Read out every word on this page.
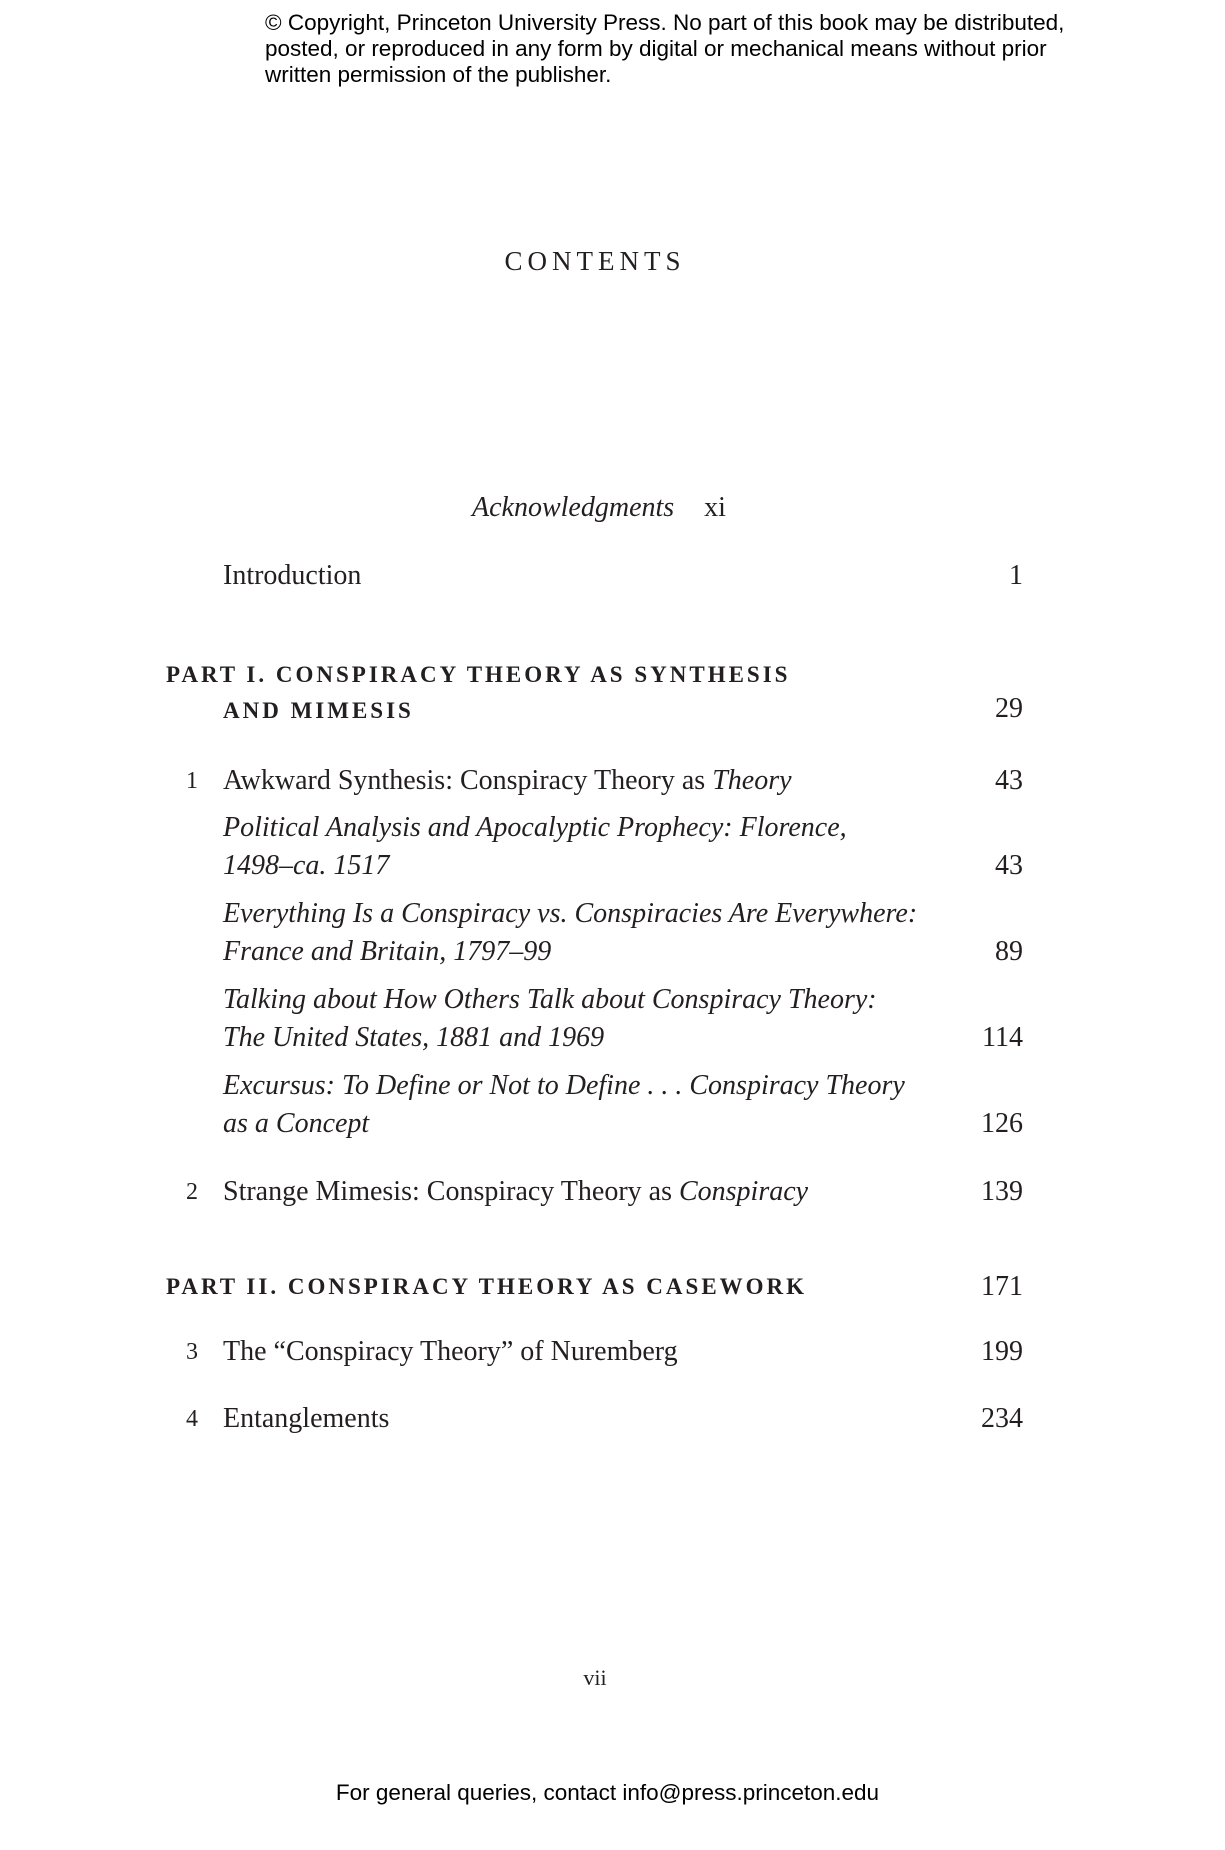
© Copyright, Princeton University Press. No part of this book may be distributed, posted, or reproduced in any form by digital or mechanical means without prior written permission of the publisher.
CONTENTS
Acknowledgments xi
Introduction	1
PART I. CONSPIRACY THEORY AS SYNTHESIS
AND MIMESIS	29
1 Awkward Synthesis: Conspiracy Theory as Theory	43
Political Analysis and Apocalyptic Prophecy: Florence,
1498–ca. 1517	43
Everything Is a Conspiracy vs. Conspiracies Are Everywhere:
France and Britain, 1797–99	89
Talking about How Others Talk about Conspiracy Theory:
The United States, 1881 and 1969	114
Excursus: To Define or Not to Define . . . Conspiracy Theory
as a Concept	126
2 Strange Mimesis: Conspiracy Theory as Conspiracy	139
PART II. CONSPIRACY THEORY AS CASEWORK	171
3 The “Conspiracy Theory” of Nuremberg	199
4 Entanglements	234
vii
For general queries, contact info@press.princeton.edu
